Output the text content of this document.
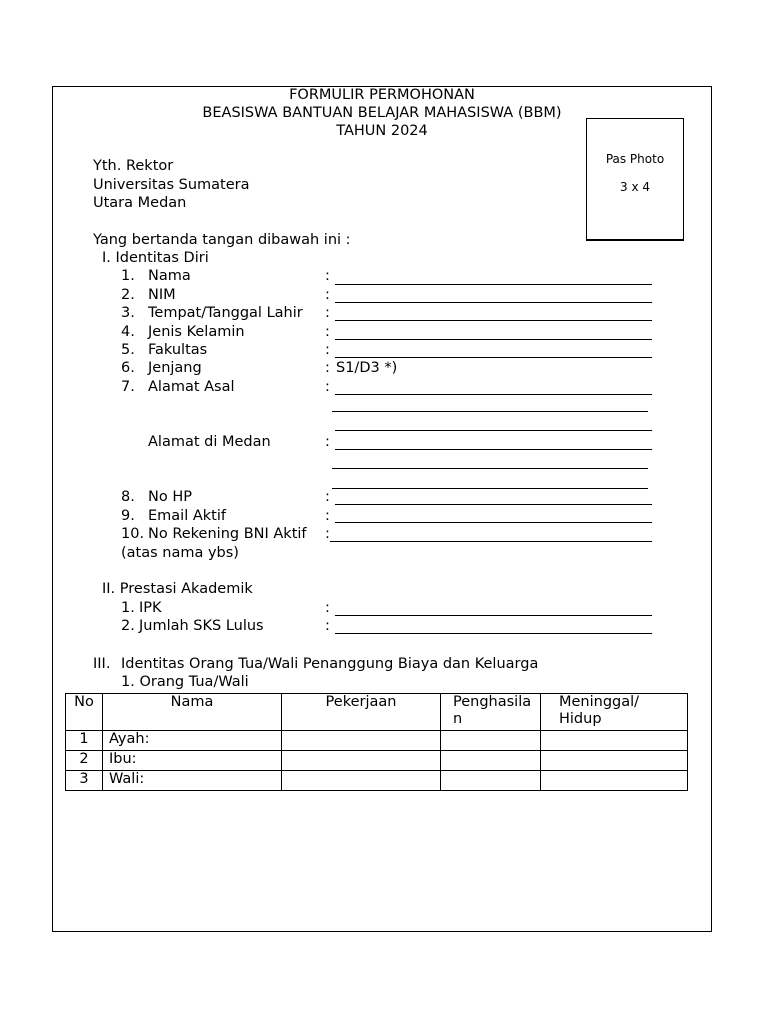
FORMULIR PERMOHONAN
BEASISWA BANTUAN BELAJAR MAHASISWA (BBM)
TAHUN 2024
Pas Photo
3 x 4
Yth. Rektor
Universitas Sumatera
Utara Medan
Yang bertanda tangan dibawah ini :
I. Identitas Diri
1. Nama	:
2. NIM	:
3. Tempat/Tanggal Lahir :
4. Jenis Kelamin	:
5. Fakultas	:
6. Jenjang	: S1/D3 *)
7. Alamat Asal	:
Alamat di Medan	:
8. No HP	:
9. Email Aktif	:
10. No Rekening BNI Aktif :
(atas nama ybs)
II. Prestasi Akademik
1. IPK	:
2. Jumlah SKS Lulus	:
III. Identitas Orang Tua/Wali Penanggung Biaya dan Keluarga
1. Orang Tua/Wali
No	Nama	Pekerjaan	Penghasilan	Meninggal/ Hidup
1	Ayah:			
2	Ibu:			
3	Wali:			
